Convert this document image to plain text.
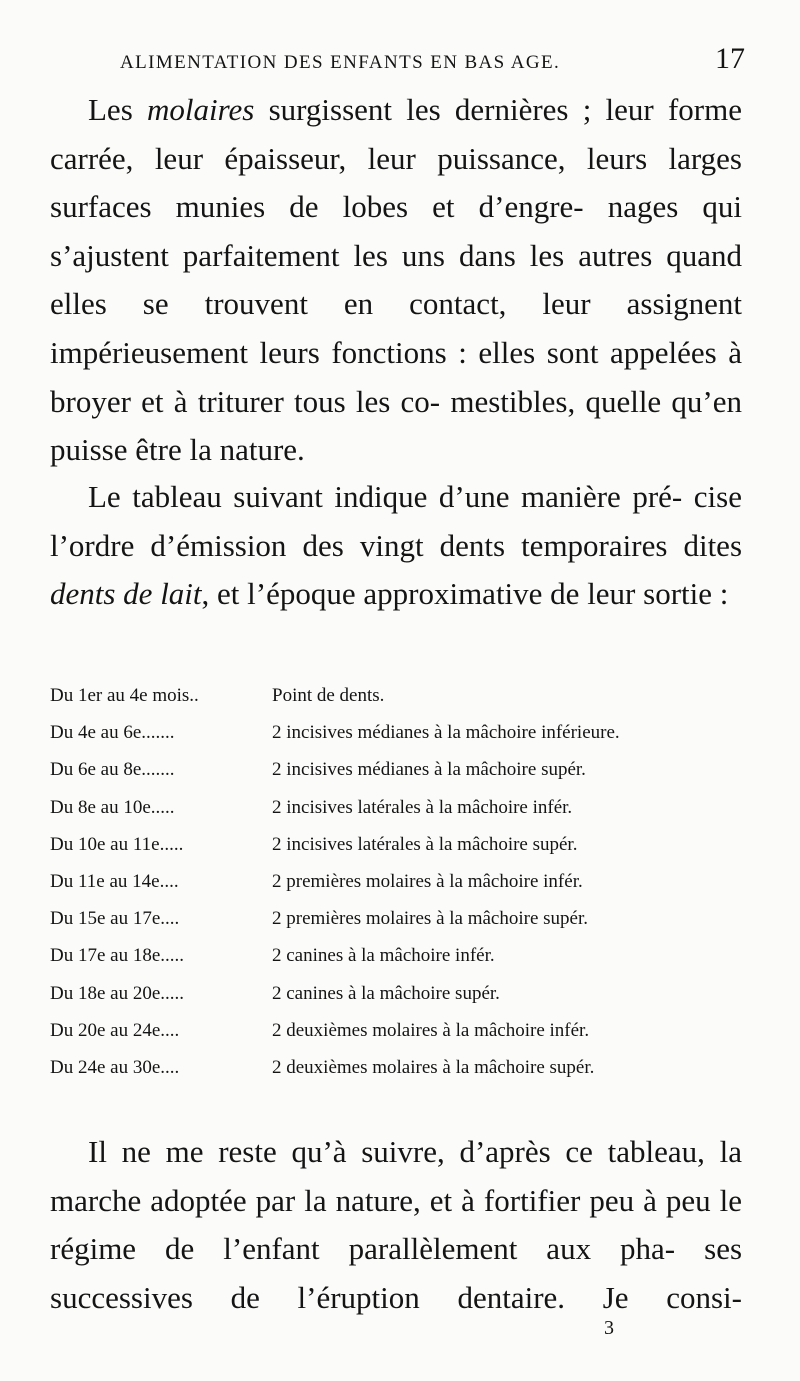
ALIMENTATION DES ENFANTS EN BAS AGE.	17

Les molaires surgissent les dernières ; leur forme carrée, leur épaisseur, leur puissance, leurs larges surfaces munies de lobes et d’engre- nages qui s’ajustent parfaitement les uns dans les autres quand elles se trouvent en contact, leur assignent impérieusement leurs fonctions : elles sont appelées à broyer et à triturer tous les co- mestibles, quelle qu’en puisse être la nature.

Le tableau suivant indique d’une manière pré- cise l’ordre d’émission des vingt dents temporaires dites dents de lait, et l’époque approximative de leur sortie :

Du 1er au 4e mois..	Point de dents.
Du 4e au 6e.......	2 incisives médianes à la mâchoire inférieure.
Du 6e au 8e.......	2 incisives médianes à la mâchoire supér.
Du 8e au 10e.....	2 incisives latérales à la mâchoire infér.
Du 10e au 11e.....	2 incisives latérales à la mâchoire supér.
Du 11e au 14e....	2 premières molaires à la mâchoire infér.
Du 15e au 17e....	2 premières molaires à la mâchoire supér.
Du 17e au 18e.....	2 canines à la mâchoire infér.
Du 18e au 20e.....	2 canines à la mâchoire supér.
Du 20e au 24e....	2 deuxièmes molaires à la mâchoire infér.
Du 24e au 30e....	2 deuxièmes molaires à la mâchoire supér.

Il ne me reste qu’à suivre, d’après ce tableau, la marche adoptée par la nature, et à fortifier peu à peu le régime de l’enfant parallèlement aux pha- ses successives de l’éruption dentaire. Je consi-

3
